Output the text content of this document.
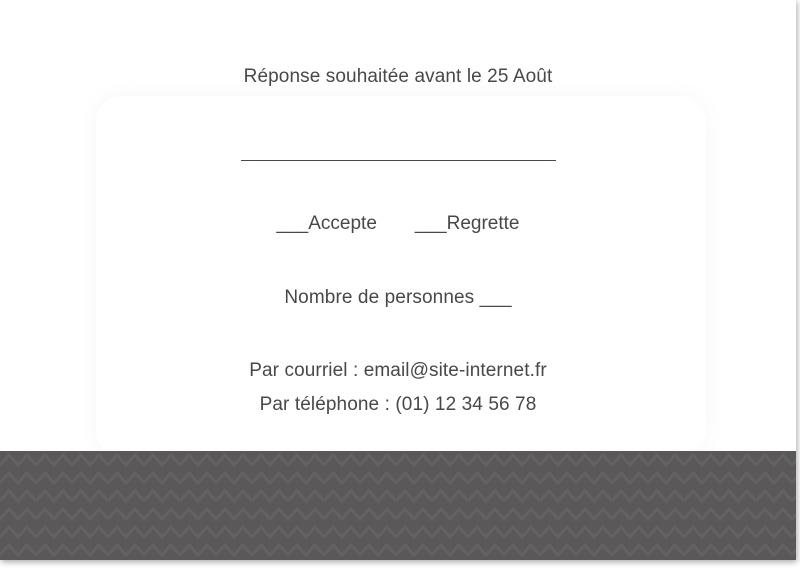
Réponse souhaitée avant le 25 Août
___Accepte ___Regrette
Nombre de personnes ___
Par courriel : email@site-internet.fr
Par téléphone : (01) 12 34 56 78
